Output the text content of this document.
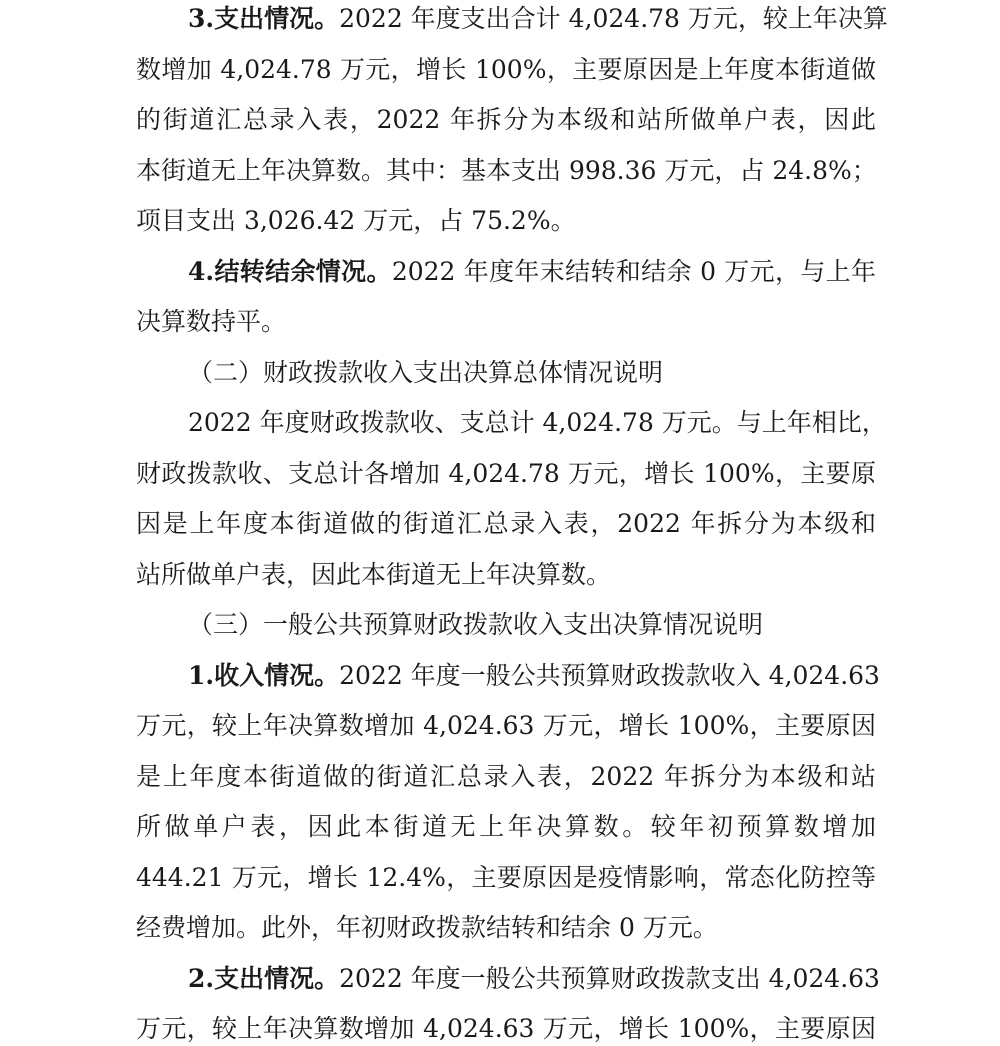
3.支出情况。2022 年度支出合计 4,024.78 万元，较上年决算
数增加 4,024.78 万元，增长 100%，主要原因是上年度本街道做
的街道汇总录入表，2022 年拆分为本级和站所做单户表，因此
本街道无上年决算数。其中：基本支出 998.36 万元，占 24.8%；
项目支出 3,026.42 万元，占 75.2%。
4.结转结余情况。2022 年度年末结转和结余 0 万元，与上年
决算数持平。
（二）财政拨款收入支出决算总体情况说明
2022 年度财政拨款收、支总计 4,024.78 万元。与上年相比，
财政拨款收、支总计各增加 4,024.78 万元，增长 100%，主要原
因是上年度本街道做的街道汇总录入表，2022 年拆分为本级和
站所做单户表，因此本街道无上年决算数。
（三）一般公共预算财政拨款收入支出决算情况说明
1.收入情况。2022 年度一般公共预算财政拨款收入 4,024.63
万元，较上年决算数增加 4,024.63 万元，增长 100%，主要原因
是上年度本街道做的街道汇总录入表，2022 年拆分为本级和站
所做单户表，因此本街道无上年决算数。较年初预算数增加
444.21 万元，增长 12.4%，主要原因是疫情影响，常态化防控等
经费增加。此外，年初财政拨款结转和结余 0 万元。
2.支出情况。2022 年度一般公共预算财政拨款支出 4,024.63
万元，较上年决算数增加 4,024.63 万元，增长 100%，主要原因
